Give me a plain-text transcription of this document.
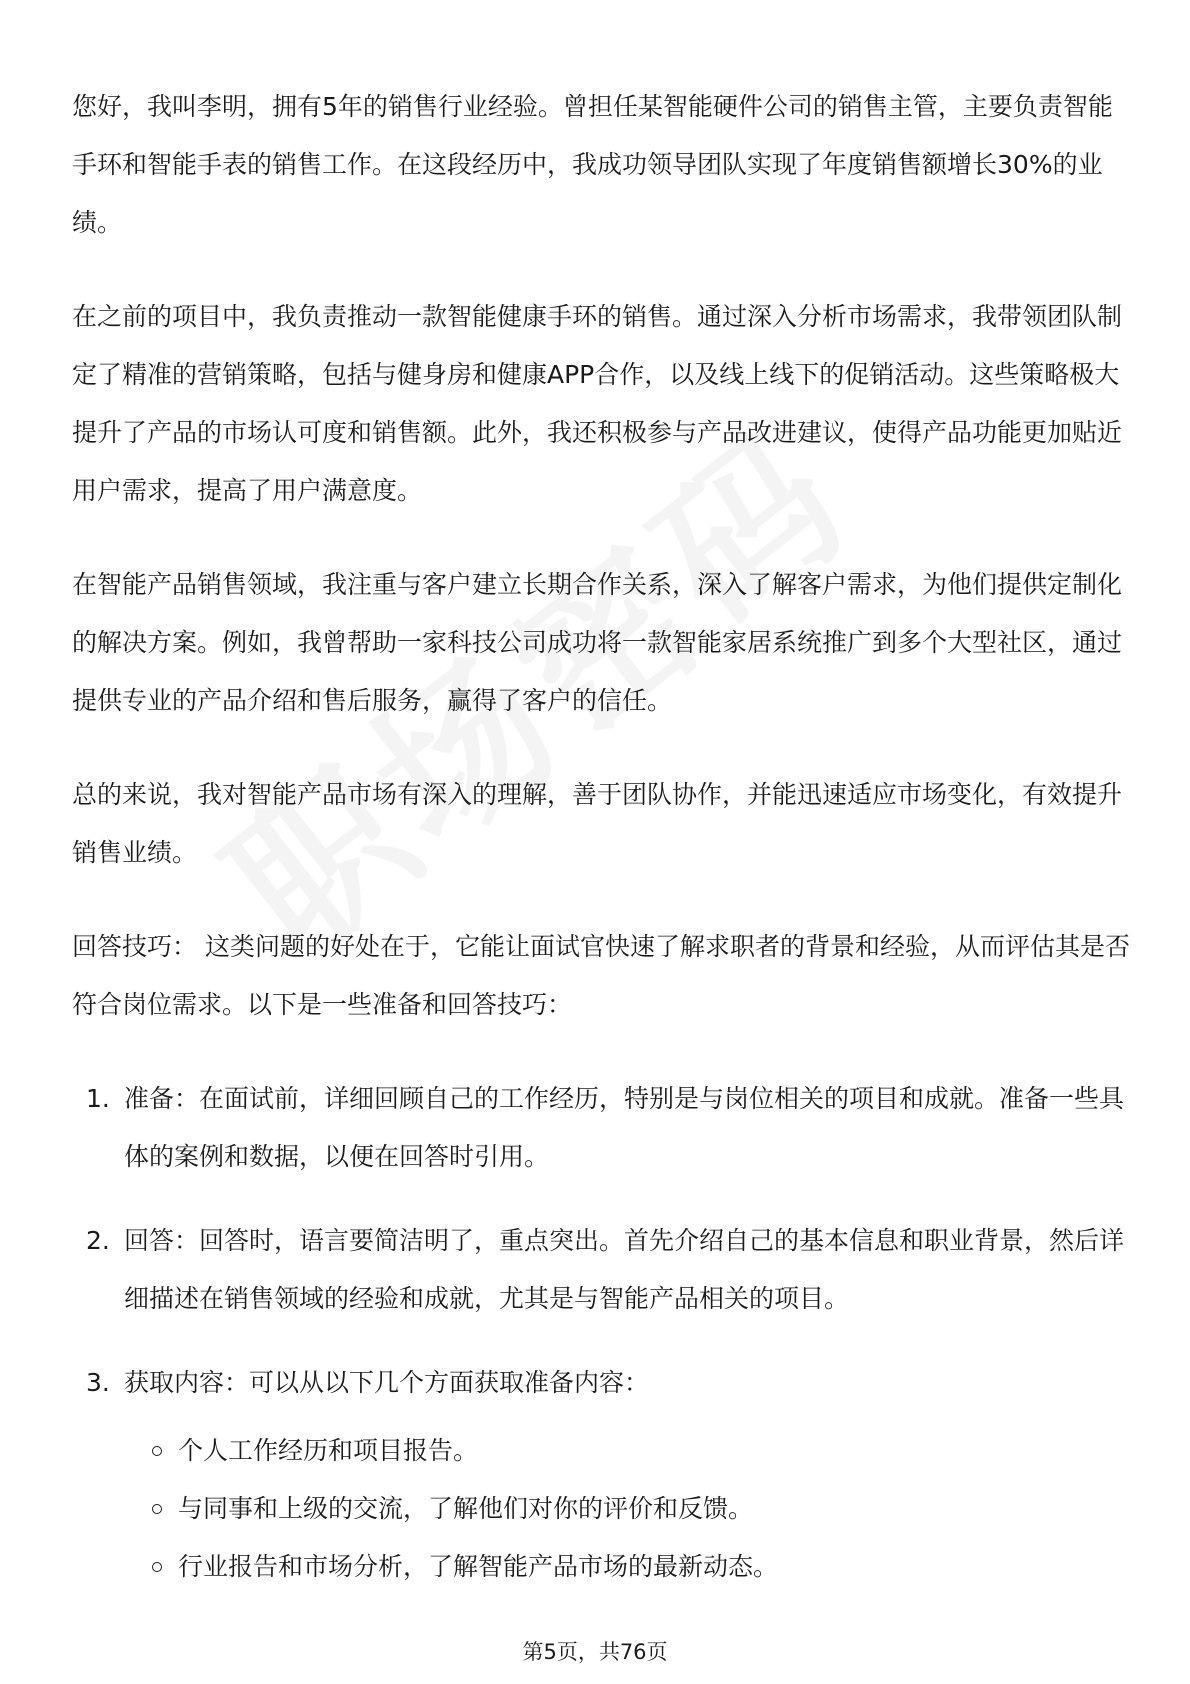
您好，我叫李明，拥有5年的销售行业经验。曾担任某智能硬件公司的销售主管，主要负责智能手环和智能手表的销售工作。在这段经历中，我成功领导团队实现了年度销售额增长30%的业绩。

在之前的项目中，我负责推动一款智能健康手环的销售。通过深入分析市场需求，我带领团队制定了精准的营销策略，包括与健身房和健康APP合作，以及线上线下的促销活动。这些策略极大提升了产品的市场认可度和销售额。此外，我还积极参与产品改进建议，使得产品功能更加贴近用户需求，提高了用户满意度。

在智能产品销售领域，我注重与客户建立长期合作关系，深入了解客户需求，为他们提供定制化的解决方案。例如，我曾帮助一家科技公司成功将一款智能家居系统推广到多个大型社区，通过提供专业的产品介绍和售后服务，赢得了客户的信任。

总的来说，我对智能产品市场有深入的理解，善于团队协作，并能迅速适应市场变化，有效提升销售业绩。

回答技巧： 这类问题的好处在于，它能让面试官快速了解求职者的背景和经验，从而评估其是否符合岗位需求。以下是一些准备和回答技巧：

1. 准备：在面试前，详细回顾自己的工作经历，特别是与岗位相关的项目和成就。准备一些具体的案例和数据，以便在回答时引用。
2. 回答：回答时，语言要简洁明了，重点突出。首先介绍自己的基本信息和职业背景，然后详细描述在销售领域的经验和成就，尤其是与智能产品相关的项目。
3. 获取内容：可以从以下几个方面获取准备内容：
个人工作经历和项目报告。
与同事和上级的交流，了解他们对你的评价和反馈。
行业报告和市场分析，了解智能产品市场的最新动态。
第5页，共76页
